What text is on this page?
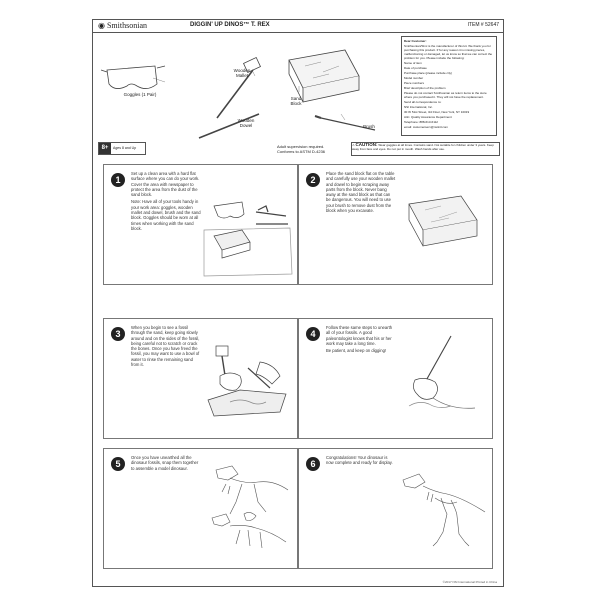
◉ Smithsonian	DIGGIN' UP DINOS™ T. REX	ITEM # 52647
Goggles (1 Pair)
Wooden Mallet
Wooden Dowel
Sand Block
Brush

Dear Customer:

Smithsonian/SInc is the manufacturer of this kit. We thank you for purchasing this product. If for any reason it is missing pieces, malfunctioning or damaged, let us know so that we can correct the problem for you. Please include the following:

Name of item

Date of purchase

Purchase place (please include city)

Model number

Piece numbers

Brief description of the problem

Please do not contact Smithsonian as return items to the store where you purchased it. They will not have the replacement.

Send all correspondence to:

NSI International, Inc.

30 W 51st Street, 3rd Floor, New York, NY 10019

Attn: Quality Assurance Department

Telephone: 888-613-6112

email: customerserv@nsiintl.com

8+	Ages 8 and Up	Adult supervision required.
Conforms to ASTM D-4236
⚠ CAUTION: Wear goggles at all times. Contains sand. Not suitable for children under 3 years. Keep away from face and eyes. Do not put in mouth. Wash hands after use.
1

Set up a clean area with a hard flat surface where you can do your work. Cover the area with newspaper to protect the area from the dust of the sand block.

Note: Have all of your tools handy in your work area: goggles, wooden mallet and dowel, brush and the sand block. Goggles should be worn at all times when working with the sand block.

2

Place the sand block flat on the table and carefully use your wooden mallet and dowel to begin scraping away parts from the block. Never bang away at the sand block as that can be dangerous. You will need to use your brush to remove dust from the block when you excavate.

3

When you begin to see a fossil through the sand, keep going slowly around and on the sides of the fossil, being careful not to scratch or crack the bones. Once you have freed the fossil, you may want to use a bowl of water to rinse the remaining sand from it.

4

Follow these same steps to unearth all of your fossils. A good paleontologist knows that his or her work may take a long time.

Be patient, and keep on digging!

5

Once you have unearthed all the dinosaur fossils, snap them together to assemble a model dinosaur.	6

Congratulations! Your dinosaur is now complete and ready for display.

©2017 NSI International Printed in China
